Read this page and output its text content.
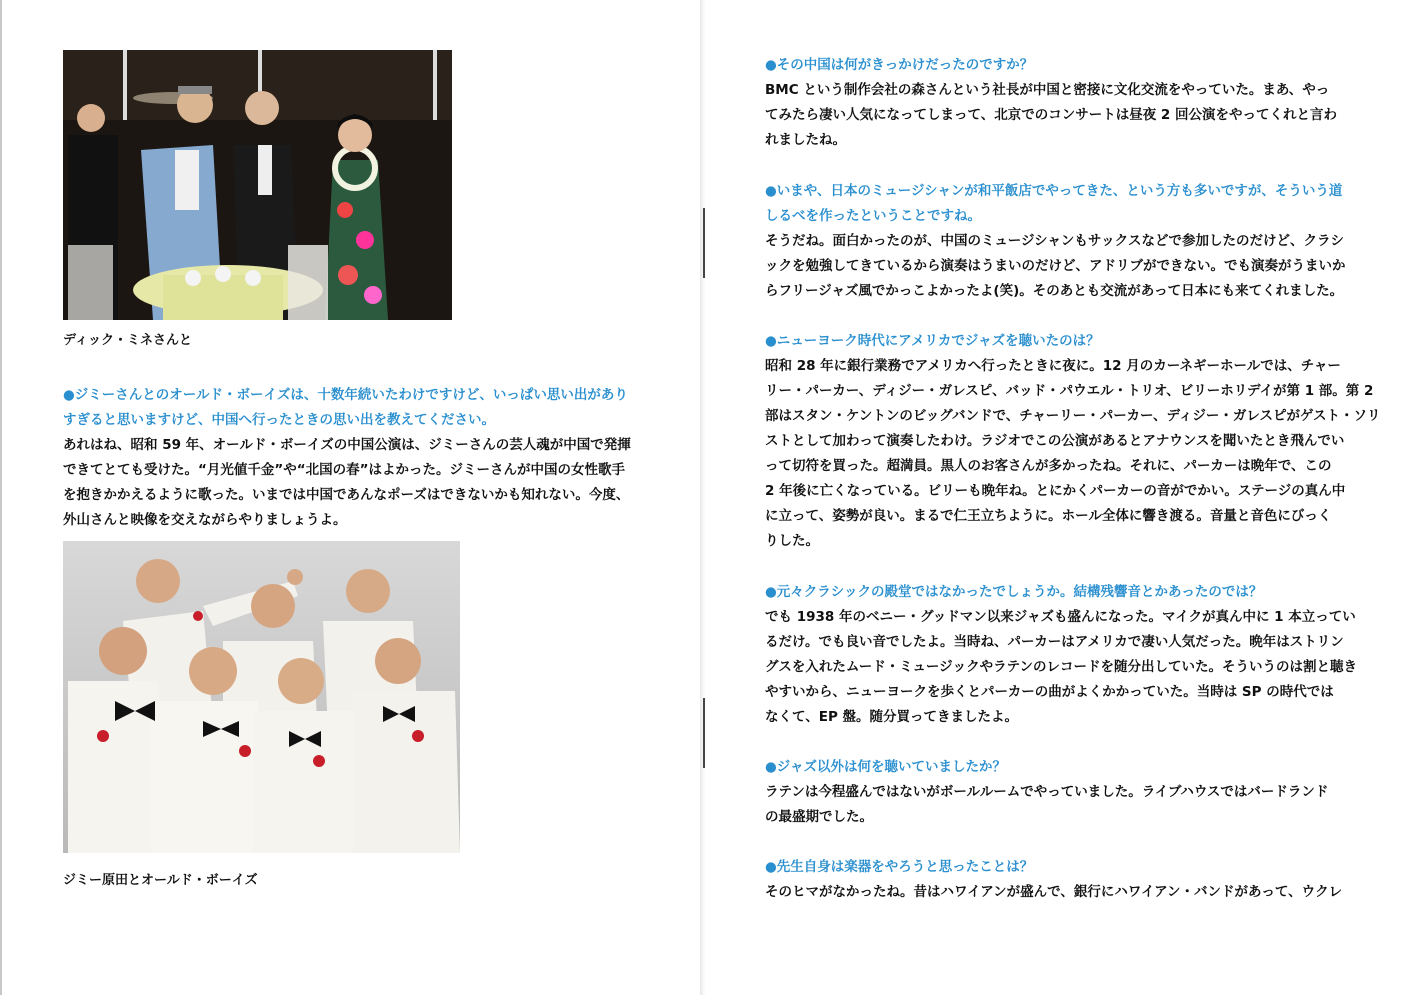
ディック・ミネさんと
●ジミーさんとのオールド・ボーイズは、十数年続いたわけですけど、いっぱい思い出があり
すぎると思いますけど、中国へ行ったときの思い出を教えてください。
あれはね、昭和 59 年、オールド・ボーイズの中国公演は、ジミーさんの芸人魂が中国で発揮
できてとても受けた。“月光値千金”や“北国の春”はよかった。ジミーさんが中国の女性歌手
を抱きかかえるように歌った。いまでは中国であんなポーズはできないかも知れない。今度、
外山さんと映像を交えながらやりましょうよ。
ジミー原田とオールド・ボーイズ
●その中国は何がきっかけだったのですか？
BMC という制作会社の森さんという社長が中国と密接に文化交流をやっていた。まあ、やっ
てみたら凄い人気になってしまって、北京でのコンサートは昼夜 2 回公演をやってくれと言わ
れましたね。
●いまや、日本のミュージシャンが和平飯店でやってきた、という方も多いですが、そういう道
しるべを作ったということですね。
そうだね。面白かったのが、中国のミュージシャンもサックスなどで参加したのだけど、クラシ
ックを勉強してきているから演奏はうまいのだけど、アドリブができない。でも演奏がうまいか
らフリージャズ風でかっこよかったよ(笑)。そのあとも交流があって日本にも来てくれました。
●ニューヨーク時代にアメリカでジャズを聴いたのは？
昭和 28 年に銀行業務でアメリカへ行ったときに夜に。12 月のカーネギーホールでは、チャー
リー・パーカー、ディジー・ガレスピ、バッド・パウエル・トリオ、ビリーホリデイが第 1 部。第 2
部はスタン・ケントンのビッグバンドで、チャーリー・パーカー、ディジー・ガレスピがゲスト・ソリ
ストとして加わって演奏したわけ。ラジオでこの公演があるとアナウンスを聞いたとき飛んでい
って切符を買った。超満員。黒人のお客さんが多かったね。それに、パーカーは晩年で、この
2 年後に亡くなっている。ビリーも晩年ね。とにかくパーカーの音がでかい。ステージの真ん中
に立って、姿勢が良い。まるで仁王立ちように。ホール全体に響き渡る。音量と音色にびっく
りした。
●元々クラシックの殿堂ではなかったでしょうか。結構残響音とかあったのでは？
でも 1938 年のベニー・グッドマン以来ジャズも盛んになった。マイクが真ん中に 1 本立ってい
るだけ。でも良い音でしたよ。当時ね、パーカーはアメリカで凄い人気だった。晩年はストリン
グスを入れたムード・ミュージックやラテンのレコードを随分出していた。そういうのは割と聴き
やすいから、ニューヨークを歩くとパーカーの曲がよくかかっていた。当時は SP の時代では
なくて、EP 盤。随分買ってきましたよ。
●ジャズ以外は何を聴いていましたか？
ラテンは今程盛んではないがボールルームでやっていました。ライブハウスではバードランド
の最盛期でした。
●先生自身は楽器をやろうと思ったことは？
そのヒマがなかったね。昔はハワイアンが盛んで、銀行にハワイアン・バンドがあって、ウクレ
